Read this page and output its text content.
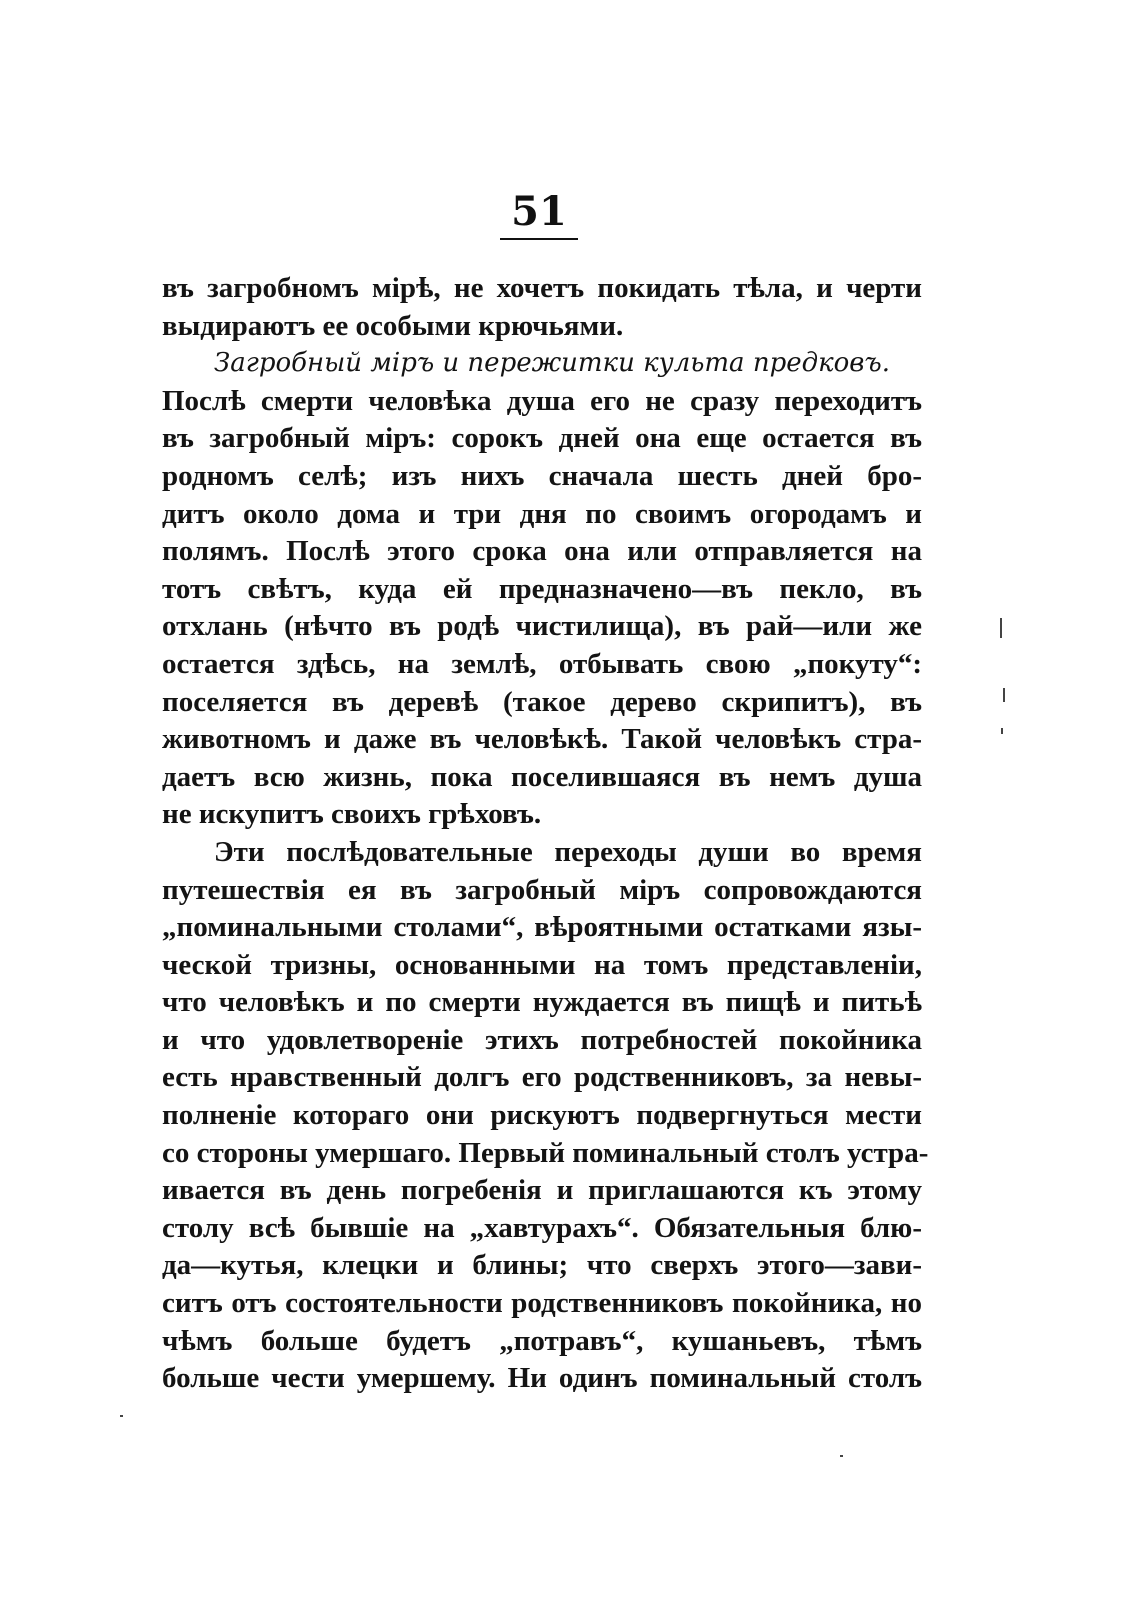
51
въ загробномъ мірѣ, не хочетъ покидать тѣла, и черти
выдираютъ ее особыми крючьями.
Загробный міръ и пережитки культа предковъ.
Послѣ смерти человѣка душа его не сразу переходитъ
въ загробный міръ: сорокъ дней она еще остается въ
родномъ селѣ; изъ нихъ сначала шесть дней бро-
дитъ около дома и три дня по своимъ огородамъ и
полямъ. Послѣ этого срока она или отправляется на
тотъ свѣтъ, куда ей предназначено—въ пекло, въ
отхлань (нѣчто въ родѣ чистилища), въ рай—или же
остается здѣсь, на землѣ, отбывать свою „покуту“:
поселяется въ деревѣ (такое дерево скрипитъ), въ
животномъ и даже въ человѣкѣ. Такой человѣкъ стра-
даетъ всю жизнь, пока поселившаяся въ немъ душа
не искупитъ своихъ грѣховъ.
Эти послѣдовательные переходы души во время
путешествія ея въ загробный міръ сопровождаются
„поминальными столами“, вѣроятными остатками язы-
ческой тризны, основанными на томъ представленіи,
что человѣкъ и по смерти нуждается въ пищѣ и питьѣ
и что удовлетвореніе этихъ потребностей покойника
есть нравственный долгъ его родственниковъ, за невы-
полненіе котораго они рискуютъ подвергнуться мести
со стороны умершаго. Первый поминальный столъ устра-
ивается въ день погребенія и приглашаются къ этому
столу всѣ бывшіе на „хавтурахъ“. Обязательныя блю-
да—кутья, клецки и блины; что сверхъ этого—зави-
ситъ отъ состоятельности родственниковъ покойника, но
чѣмъ больше будетъ „потравъ“, кушаньевъ, тѣмъ
больше чести умершему. Ни одинъ поминальный столъ
